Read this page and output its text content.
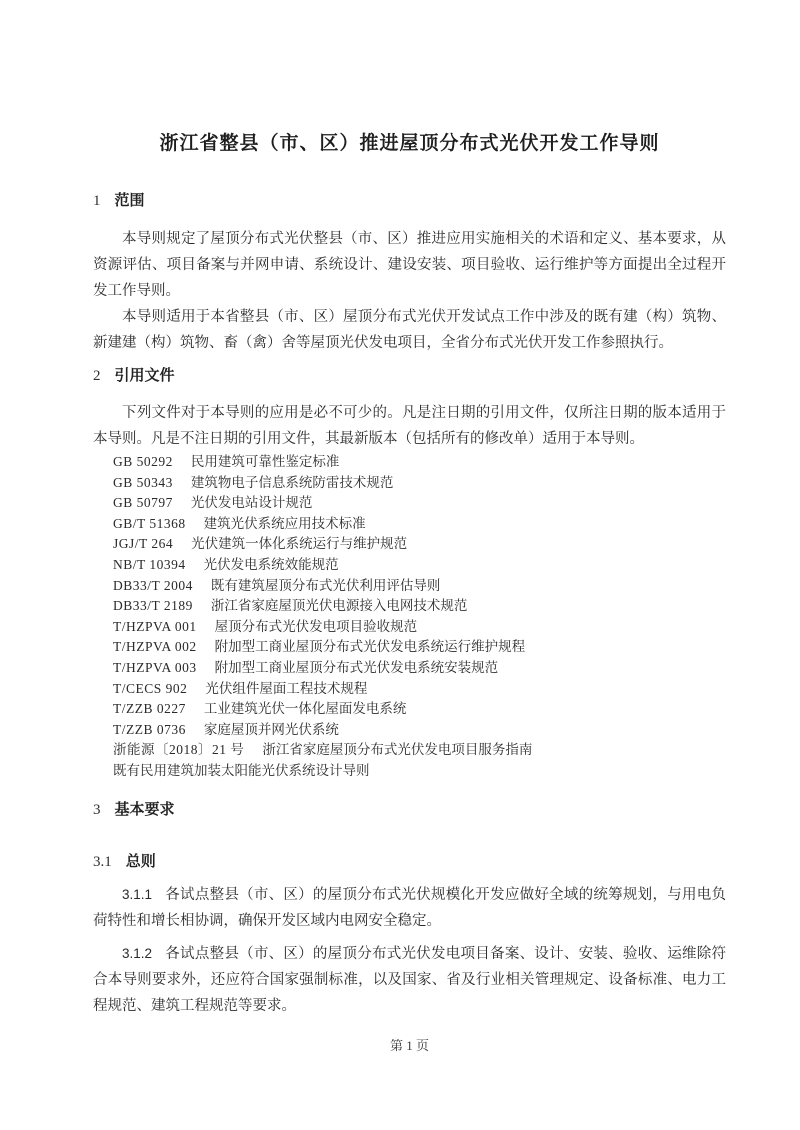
浙江省整县（市、区）推进屋顶分布式光伏开发工作导则
1 范围

本导则规定了屋顶分布式光伏整县（市、区）推进应用实施相关的术语和定义、基本要求，从资源评估、项目备案与并网申请、系统设计、建设安装、项目验收、运行维护等方面提出全过程开发工作导则。

本导则适用于本省整县（市、区）屋顶分布式光伏开发试点工作中涉及的既有建（构）筑物、新建建（构）筑物、畜（禽）舍等屋顶光伏发电项目，全省分布式光伏开发工作参照执行。

2 引用文件

下列文件对于本导则的应用是必不可少的。凡是注日期的引用文件，仅所注日期的版本适用于本导则。凡是不注日期的引用文件，其最新版本（包括所有的修改单）适用于本导则。

GB 50292 民用建筑可靠性鉴定标准
GB 50343 建筑物电子信息系统防雷技术规范
GB 50797 光伏发电站设计规范
GB/T 51368 建筑光伏系统应用技术标准
JGJ/T 264 光伏建筑一体化系统运行与维护规范
NB/T 10394 光伏发电系统效能规范
DB33/T 2004 既有建筑屋顶分布式光伏利用评估导则
DB33/T 2189 浙江省家庭屋顶光伏电源接入电网技术规范
T/HZPVA 001 屋顶分布式光伏发电项目验收规范
T/HZPVA 002 附加型工商业屋顶分布式光伏发电系统运行维护规程
T/HZPVA 003 附加型工商业屋顶分布式光伏发电系统安装规范
T/CECS 902 光伏组件屋面工程技术规程
T/ZZB 0227 工业建筑光伏一体化屋面发电系统
T/ZZB 0736 家庭屋顶并网光伏系统
浙能源〔2018〕21 号 浙江省家庭屋顶分布式光伏发电项目服务指南
既有民用建筑加装太阳能光伏系统设计导则
3 基本要求
3.1 总则

3.1.1 各试点整县（市、区）的屋顶分布式光伏规模化开发应做好全域的统筹规划，与用电负荷特性和增长相协调，确保开发区域内电网安全稳定。

3.1.2 各试点整县（市、区）的屋顶分布式光伏发电项目备案、设计、安装、验收、运维除符合本导则要求外，还应符合国家强制标准，以及国家、省及行业相关管理规定、设备标准、电力工程规范、建筑工程规范等要求。

第 1 页
